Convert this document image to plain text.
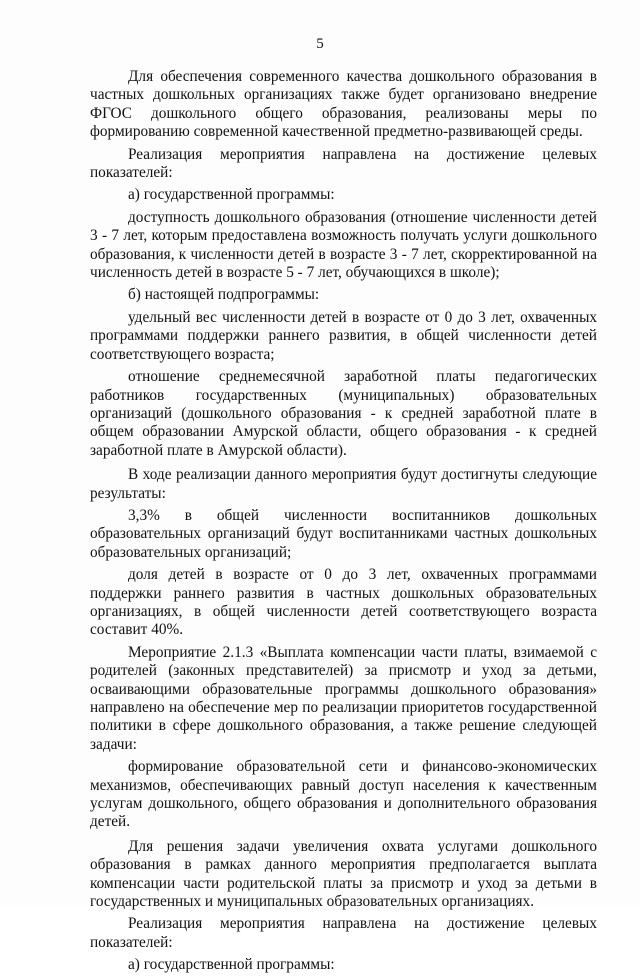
5

Для обеспечения современного качества дошкольного образования в частных дошкольных организациях также будет организовано внедрение ФГОС дошкольного общего образования, реализованы меры по формированию современной качественной предметно-развивающей среды.

Реализация мероприятия направлена на достижение целевых показателей:

а) государственной программы:

доступность дошкольного образования (отношение численности детей 3 - 7 лет, которым предоставлена возможность получать услуги дошкольного образования, к численности детей в возрасте 3 - 7 лет, скорректированной на численность детей в возрасте 5 - 7 лет, обучающихся в школе);

б) настоящей подпрограммы:

удельный вес численности детей в возрасте от 0 до 3 лет, охваченных программами поддержки раннего развития, в общей численности детей соответствующего возраста;

отношение среднемесячной заработной платы педагогических работников государственных (муниципальных) образовательных организаций (дошкольного образования - к средней заработной плате в общем образовании Амурской области, общего образования - к средней заработной плате в Амурской области).

В ходе реализации данного мероприятия будут достигнуты следующие результаты:

3,3% в общей численности воспитанников дошкольных образовательных организаций будут воспитанниками частных дошкольных образовательных организаций;

доля детей в возрасте от 0 до 3 лет, охваченных программами поддержки раннего развития в частных дошкольных образовательных организациях, в общей численности детей соответствующего возраста составит 40%.

Мероприятие 2.1.3 «Выплата компенсации части платы, взимаемой с родителей (законных представителей) за присмотр и уход за детьми, осваивающими образовательные программы дошкольного образования» направлено на обеспечение мер по реализации приоритетов государственной политики в сфере дошкольного образования, а также решение следующей задачи:

формирование образовательной сети и финансово-экономических механизмов, обеспечивающих равный доступ населения к качественным услугам дошкольного, общего образования и дополнительного образования детей.

Для решения задачи увеличения охвата услугами дошкольного образования в рамках данного мероприятия предполагается выплата компенсации части родительской платы за присмотр и уход за детьми в государственных и муниципальных образовательных организациях.

Реализация мероприятия направлена на достижение целевых показателей:

а) государственной программы:
